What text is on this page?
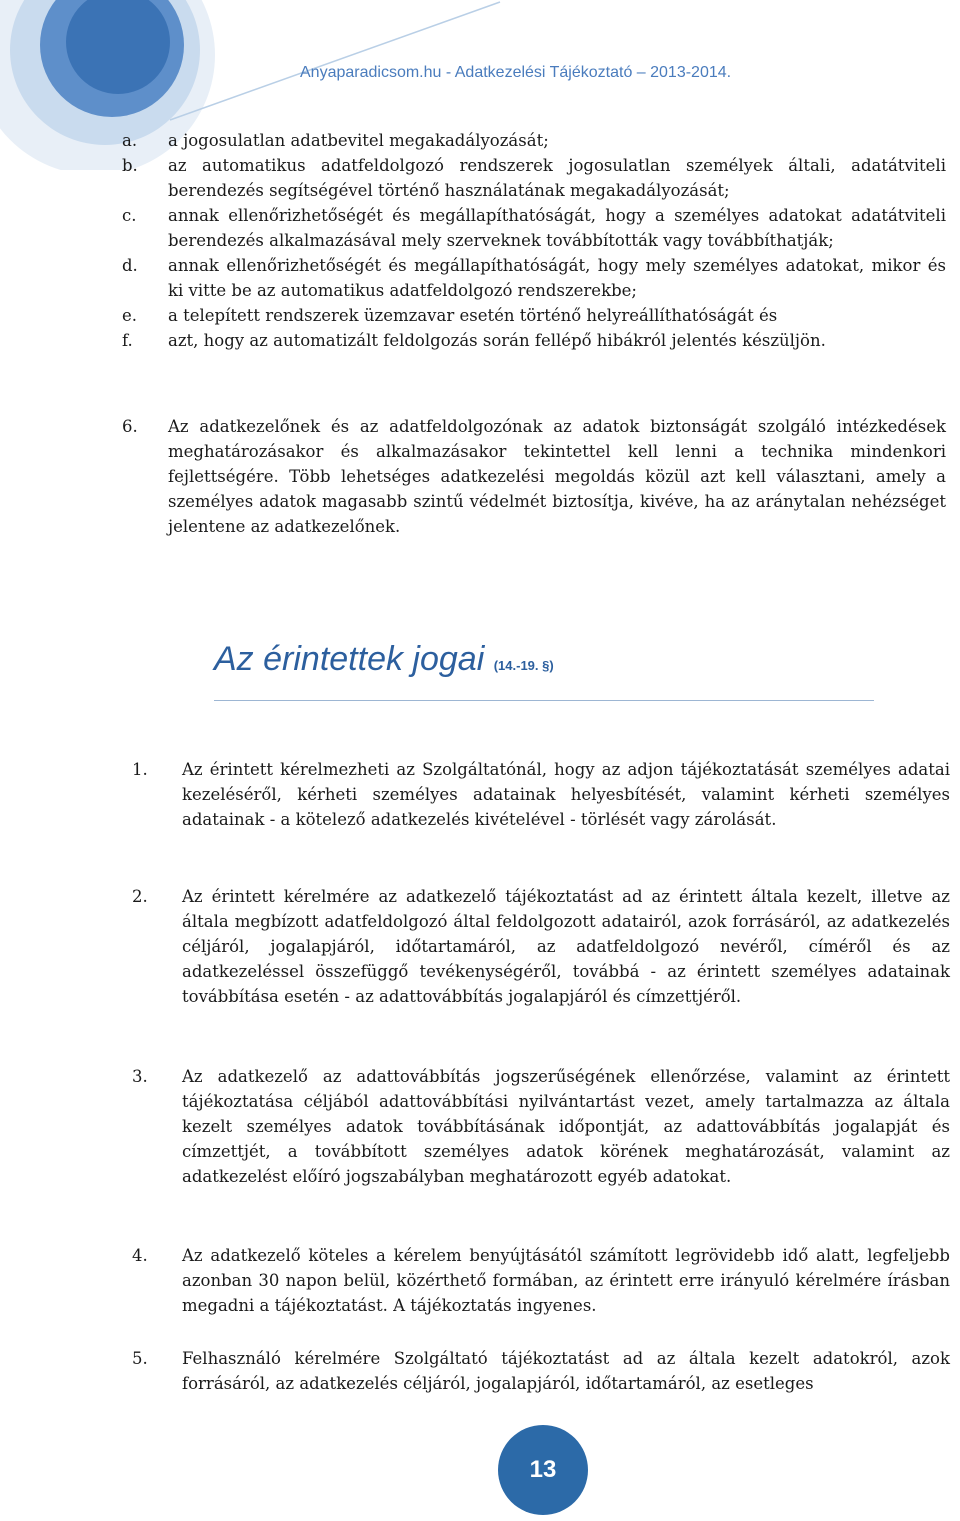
Anyaparadicsom.hu - Adatkezelési Tájékoztató – 2013-2014.
a.	a jogosulatlan adatbevitel megakadályozását;
b.	az automatikus adatfeldolgozó rendszerek jogosulatlan személyek általi, adatátviteli berendezés segítségével történő használatának megakadályozását;
c.	annak ellenőrizhetőségét és megállapíthatóságát, hogy a személyes adatokat adatátviteli berendezés alkalmazásával mely szerveknek továbbították vagy továbbíthatják;
d.	annak ellenőrizhetőségét és megállapíthatóságát, hogy mely személyes adatokat, mikor és ki vitte be az automatikus adatfeldolgozó rendszerekbe;
e.	a telepített rendszerek üzemzavar esetén történő helyreállíthatóságát és
f.	azt, hogy az automatizált feldolgozás során fellépő hibákról jelentés készüljön.
6.	Az adatkezelőnek és az adatfeldolgozónak az adatok biztonságát szolgáló intézkedések meghatározásakor és alkalmazásakor tekintettel kell lenni a technika mindenkori fejlettségére. Több lehetséges adatkezelési megoldás közül azt kell választani, amely a személyes adatok magasabb szintű védelmét biztosítja, kivéve, ha az aránytalan nehézséget jelentene az adatkezelőnek.
Az érintettek jogai (14.-19. §)
1.	Az érintett kérelmezheti az Szolgáltatónál, hogy az adjon tájékoztatását személyes adatai kezeléséről, kérheti személyes adatainak helyesbítését, valamint kérheti személyes adatainak - a kötelező adatkezelés kivételével - törlését vagy zárolását.
2.	Az érintett kérelmére az adatkezelő tájékoztatást ad az érintett általa kezelt, illetve az általa megbízott adatfeldolgozó által feldolgozott adatairól, azok forrásáról, az adatkezelés céljáról, jogalapjáról, időtartamáról, az adatfeldolgozó nevéről, címéről és az adatkezeléssel összefüggő tevékenységéről, továbbá - az érintett személyes adatainak továbbítása esetén - az adattovábbítás jogalapjáról és címzettjéről.
3.	Az adatkezelő az adattovábbítás jogszerűségének ellenőrzése, valamint az érintett tájékoztatása céljából adattovábbítási nyilvántartást vezet, amely tartalmazza az általa kezelt személyes adatok továbbításának időpontját, az adattovábbítás jogalapját és címzettjét, a továbbított személyes adatok körének meghatározását, valamint az adatkezelést előíró jogszabályban meghatározott egyéb adatokat.
4.	Az adatkezelő köteles a kérelem benyújtásától számított legrövidebb idő alatt, legfeljebb azonban 30 napon belül, közérthető formában, az érintett erre irányuló kérelmére írásban megadni a tájékoztatást. A tájékoztatás ingyenes.
5.	Felhasználó kérelmére Szolgáltató tájékoztatást ad az általa kezelt adatokról, azok forrásáról, az adatkezelés céljáról, jogalapjáról, időtartamáról, az esetleges
13
